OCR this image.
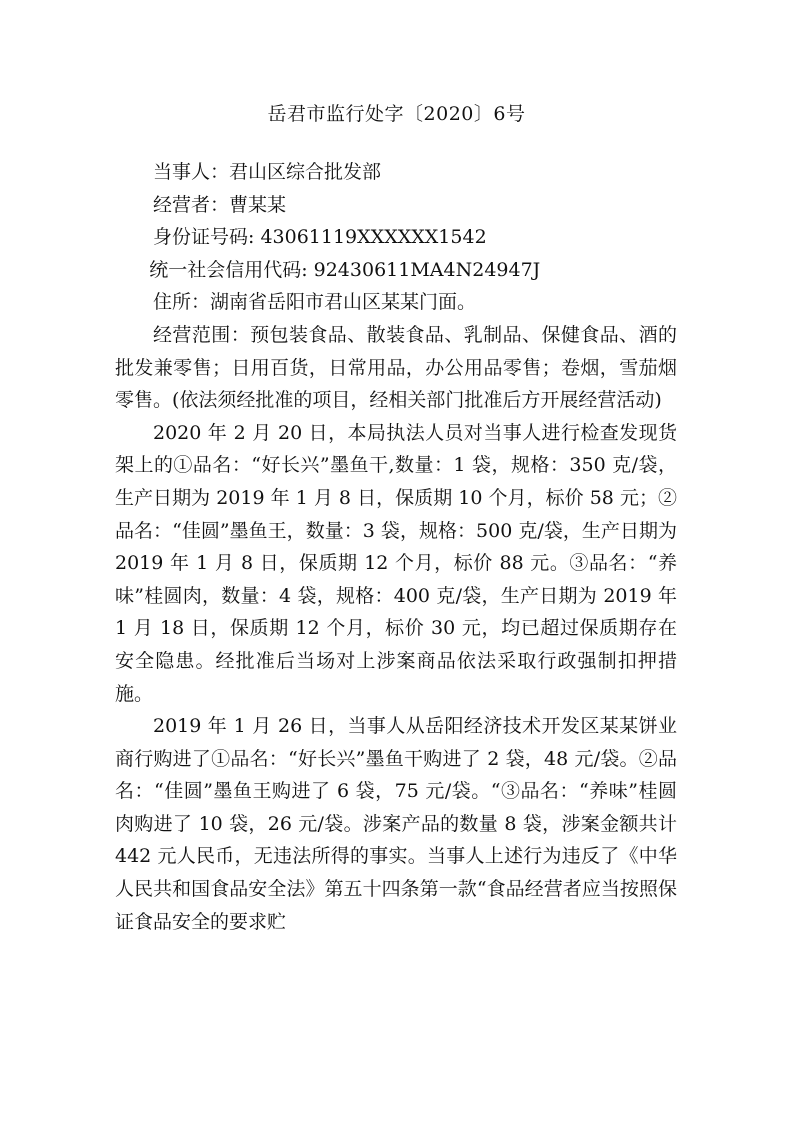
岳君市监行处字〔2020〕6号

当事人：君山区综合批发部

经营者：曹某某

身份证号码: 43061119XXXXXX1542

统一社会信用代码: 92430611MA4N24947J

住所：湖南省岳阳市君山区某某门面。

经营范围：预包装食品、散装食品、乳制品、保健食品、酒的批发兼零售；日用百货，日常用品，办公用品零售；卷烟，雪茄烟零售。(依法须经批准的项目，经相关部门批准后方开展经营活动)

2020 年 2 月 20 日，本局执法人员对当事人进行检查发现货架上的①品名：“好长兴”墨鱼干,数量：1 袋，规格：350 克/袋，生产日期为 2019 年 1 月 8 日，保质期 10 个月，标价 58 元；②品名：“佳圆”墨鱼王，数量：3 袋，规格：500 克/袋，生产日期为 2019 年 1 月 8 日，保质期 12 个月，标价 88 元。③品名：“养味”桂圆肉，数量：4 袋，规格：400 克/袋，生产日期为 2019 年 1 月 18 日，保质期 12 个月，标价 30 元，均已超过保质期存在安全隐患。经批准后当场对上涉案商品依法采取行政强制扣押措施。

2019 年 1 月 26 日，当事人从岳阳经济技术开发区某某饼业商行购进了①品名：“好长兴”墨鱼干购进了 2 袋，48 元/袋。②品名：“佳圆”墨鱼王购进了 6 袋，75 元/袋。“③品名：“养味”桂圆肉购进了 10 袋，26 元/袋。涉案产品的数量 8 袋，涉案金额共计 442 元人民币，无违法所得的事实。当事人上述行为违反了《中华人民共和国食品安全法》第五十四条第一款“食品经营者应当按照保证食品安全的要求贮
